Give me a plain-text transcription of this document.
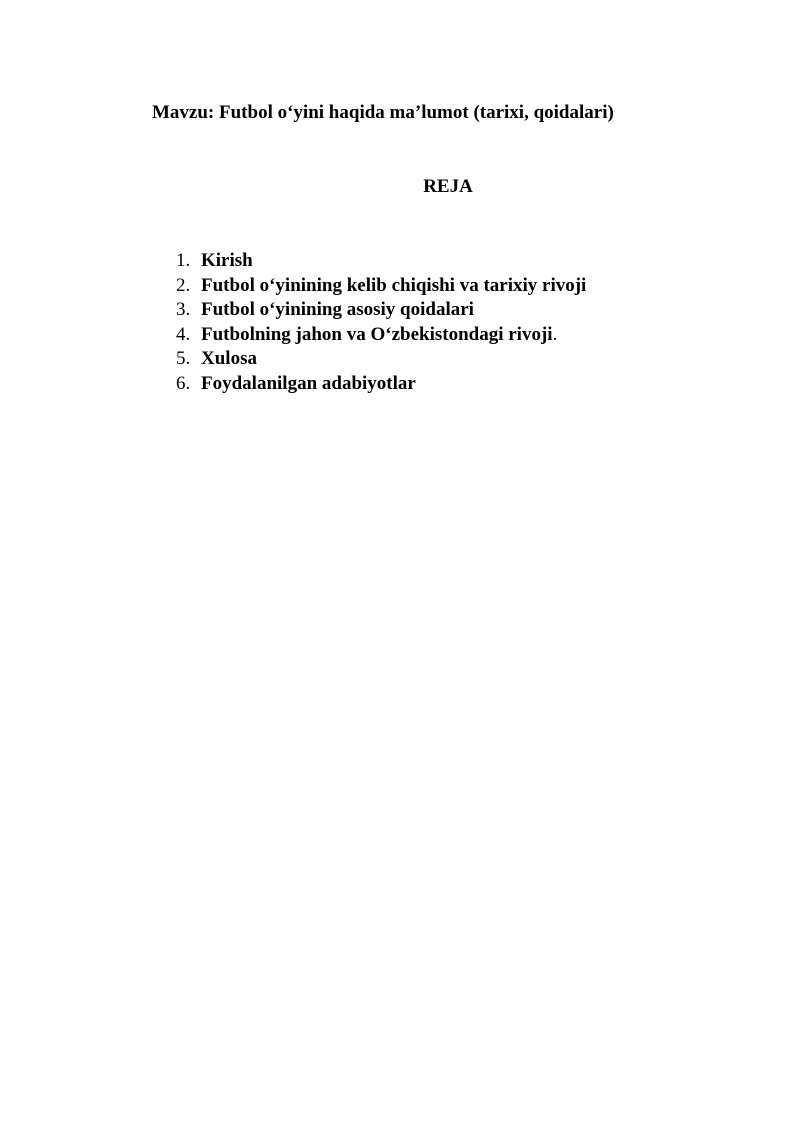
Mavzu: Futbol o‘yini haqida ma’lumot (tarixi, qoidalari)
REJA
1. Kirish
2. Futbol o‘yinining kelib chiqishi va tarixiy rivoji
3. Futbol o‘yinining asosiy qoidalari
4. Futbolning jahon va O‘zbekistondagi rivoji.
5. Xulosa
6. Foydalanilgan adabiyotlar
